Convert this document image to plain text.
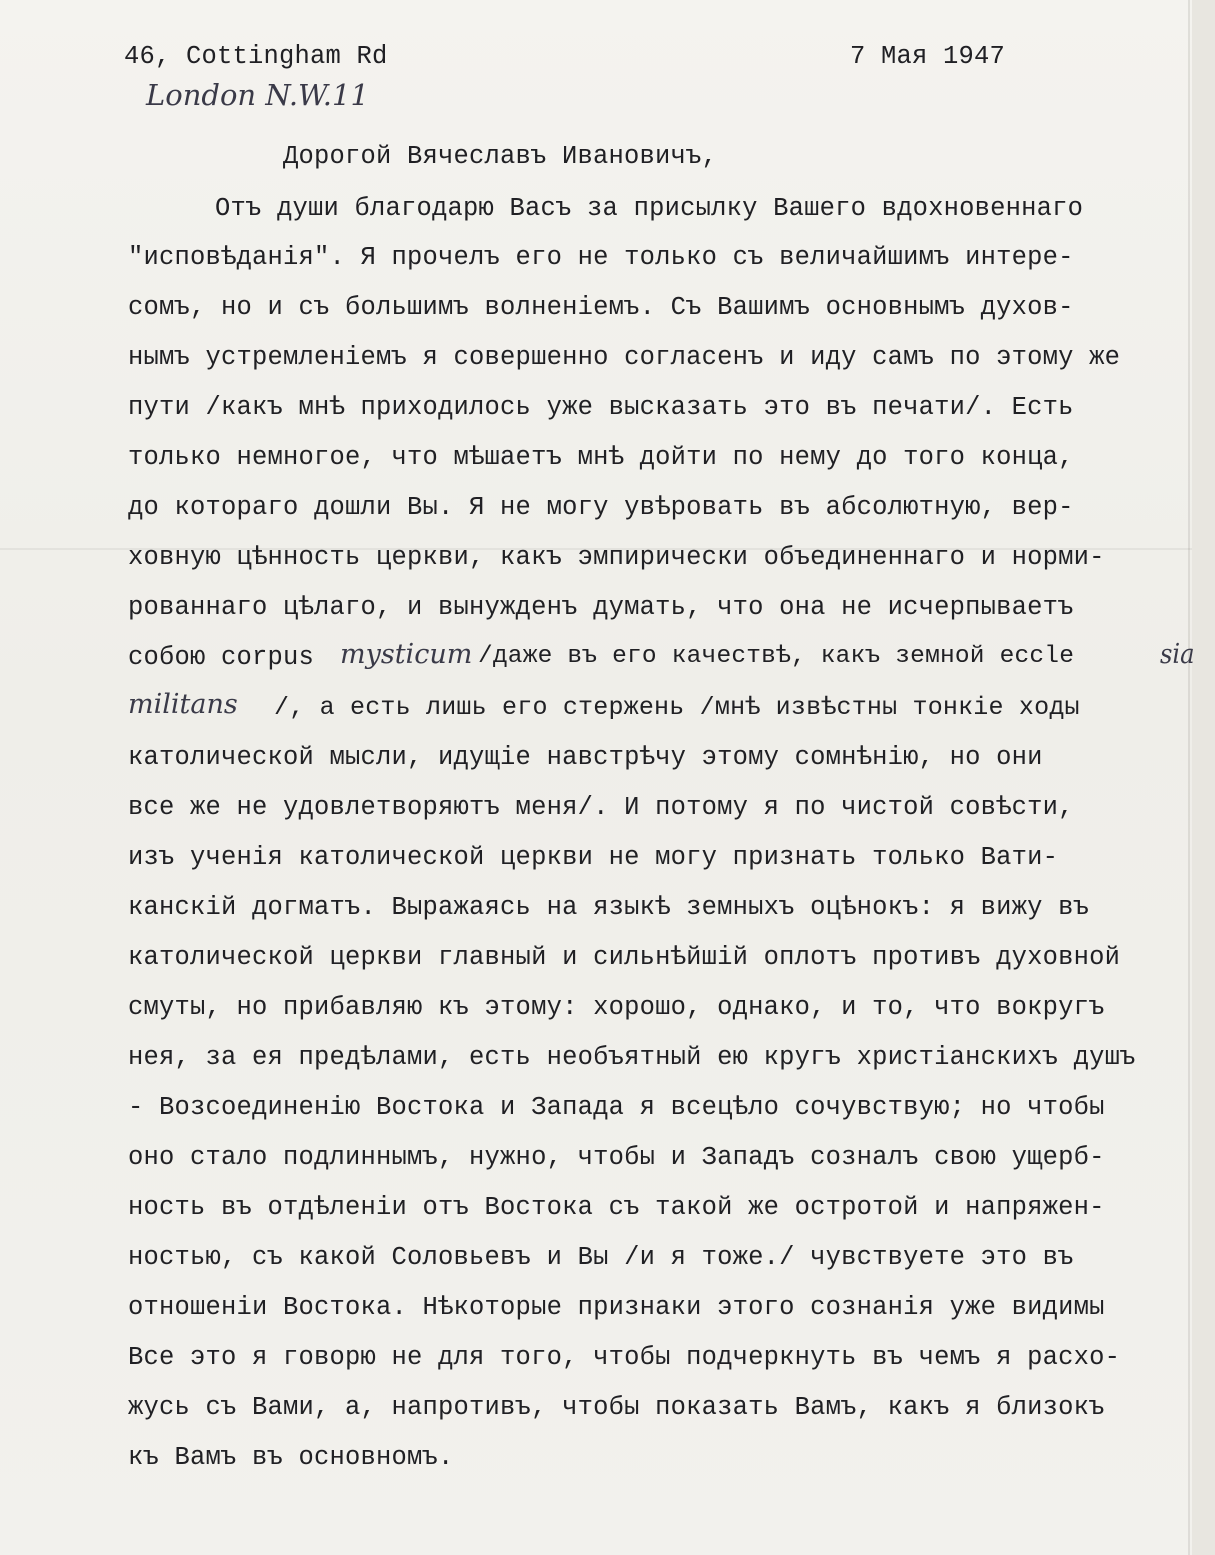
46, Cottingham Rd
London N.W.11
7 Мая 1947
Дорогой Вячеславъ Ивановичъ,
Отъ души благодарю Васъ за присылку Вашего вдохновеннаго
"исповѣданія". Я прочелъ его не только съ величайшимъ интере-
сомъ, но и съ большимъ волненіемъ. Съ Вашимъ основнымъ духов-
нымъ устремленіемъ я совершенно согласенъ и иду самъ по этому же
пути /какъ мнѣ приходилось уже высказать это въ печати/. Есть
только немногое, что мѣшаетъ мнѣ дойти по нему до того конца,
до котораго дошли Вы. Я не могу увѣровать въ абсолютную, вер-
ховную цѣнность церкви, какъ эмпирически объединеннаго и норми-
рованнаго цѣлаго, и вынужденъ думать, что она не исчерпываетъ
собою corpus mysticum /даже въ его качествѣ, какъ земной eccle	sia
militans /, а есть лишь его стержень /мнѣ извѣстны тонкіе ходы
католической мысли, идущіе навстрѣчу этому сомнѣнію, но они
все же не удовлетворяютъ меня/. И потому я по чистой совѣсти,
изъ ученія католической церкви не могу признать только Вати-
канскій догматъ. Выражаясь на языкѣ земныхъ оцѣнокъ: я вижу въ
католической церкви главный и сильнѣйшій оплотъ противъ духовной
смуты, но прибавляю къ этому: хорошо, однако, и то, что вокругъ
нея, за ея предѣлами, есть необъятный ею кругъ христіанскихъ душъ
- Возсоединенію Востока и Запада я всецѣло сочувствую; но чтобы
оно стало подлиннымъ, нужно, чтобы и Западъ созналъ свою ущерб-
ность въ отдѣленіи отъ Востока съ такой же остротой и напряжен-
ностью, съ какой Соловьевъ и Вы /и я тоже./ чувствуете это въ
отношеніи Востока. Нѣкоторые признаки этого сознанія уже видимы
Все это я говорю не для того, чтобы подчеркнуть въ чемъ я расхо-
жусь съ Вами, а, напротивъ, чтобы показать Вамъ, какъ я близокъ
къ Вамъ въ основномъ.
